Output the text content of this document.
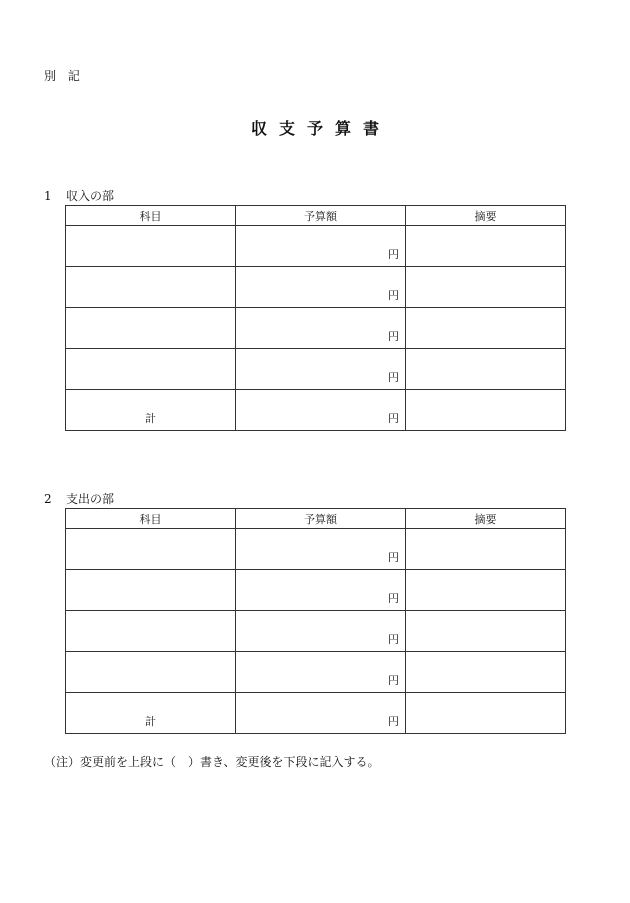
別 記
収支予算書
1 収入の部
科目	予算額	摘要

	円	

	円	

	円	

	円	

計	円	

2 支出の部
科目	予算額	摘要

	円	

	円	

	円	

	円	

計	円	

（注）変更前を上段に（　）書き、変更後を下段に記入する。
